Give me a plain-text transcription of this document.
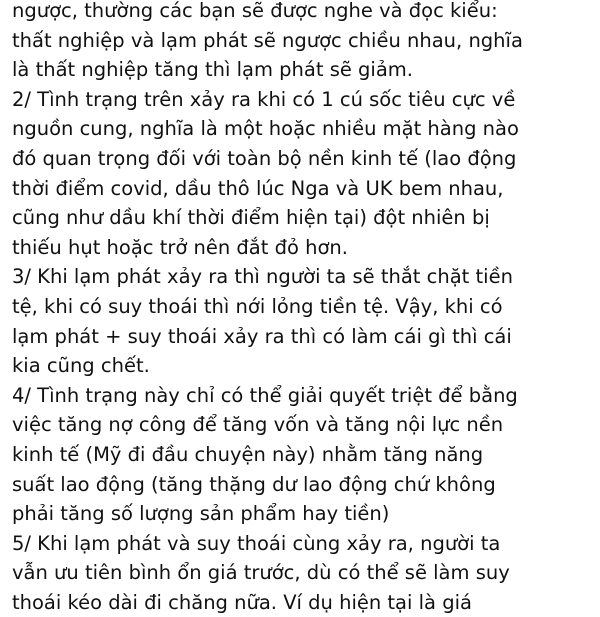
ngược, thường các bạn sẽ được nghe và đọc kiểu:
thất nghiệp và lạm phát sẽ ngược chiều nhau, nghĩa
là thất nghiệp tăng thì lạm phát sẽ giảm.
2/ Tình trạng trên xảy ra khi có 1 cú sốc tiêu cực về
nguồn cung, nghĩa là một hoặc nhiều mặt hàng nào
đó quan trọng đối với toàn bộ nền kinh tế (lao động
thời điểm covid, dầu thô lúc Nga và UK bem nhau,
cũng như dầu khí thời điểm hiện tại) đột nhiên bị
thiếu hụt hoặc trở nên đắt đỏ hơn.
3/ Khi lạm phát xảy ra thì người ta sẽ thắt chặt tiền
tệ, khi có suy thoái thì nới lỏng tiền tệ. Vậy, khi có
lạm phát + suy thoái xảy ra thì có làm cái gì thì cái
kia cũng chết.
4/ Tình trạng này chỉ có thể giải quyết triệt để bằng
việc tăng nợ công để tăng vốn và tăng nội lực nền
kinh tế (Mỹ đi đầu chuyện này) nhằm tăng năng
suất lao động (tăng thặng dư lao động chứ không
phải tăng số lượng sản phẩm hay tiền)
5/ Khi lạm phát và suy thoái cùng xảy ra, người ta
vẫn ưu tiên bình ổn giá trước, dù có thể sẽ làm suy
thoái kéo dài đi chăng nữa. Ví dụ hiện tại là giá
